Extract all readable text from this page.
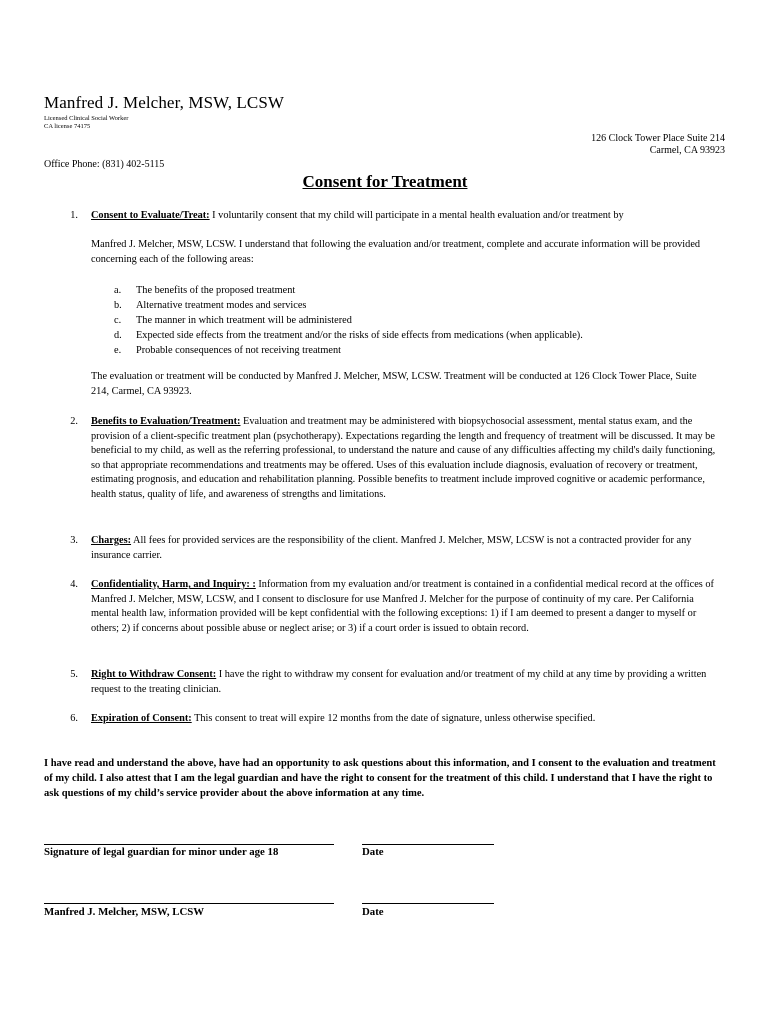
Manfred J. Melcher, MSW, LCSW
Licensed Clinical Social Worker
CA license 74175
126 Clock Tower Place Suite 214
Carmel, CA 93923
Office Phone: (831) 402-5115
Consent for Treatment
1. Consent to Evaluate/Treat: I voluntarily consent that my child will participate in a mental health evaluation and/or treatment by
Manfred J. Melcher, MSW, LCSW. I understand that following the evaluation and/or treatment, complete and accurate information will be provided concerning each of the following areas:
a.	The benefits of the proposed treatment
b.	Alternative treatment modes and services
c.	The manner in which treatment will be administered
d.	Expected side effects from the treatment and/or the risks of side effects from medications (when applicable).
e.	Probable consequences of not receiving treatment
The evaluation or treatment will be conducted by Manfred J. Melcher, MSW, LCSW. Treatment will be conducted at 126 Clock Tower Place, Suite 214, Carmel, CA 93923.
2. Benefits to Evaluation/Treatment: Evaluation and treatment may be administered with biopsychosocial assessment, mental status exam, and the provision of a client-specific treatment plan (psychotherapy). Expectations regarding the length and frequency of treatment will be discussed. It may be beneficial to my child, as well as the referring professional, to understand the nature and cause of any difficulties affecting my child's daily functioning, so that appropriate recommendations and treatments may be offered. Uses of this evaluation include diagnosis, evaluation of recovery or treatment, estimating prognosis, and education and rehabilitation planning. Possible benefits to treatment include improved cognitive or academic performance, health status, quality of life, and awareness of strengths and limitations.
3. Charges: All fees for provided services are the responsibility of the client. Manfred J. Melcher, MSW, LCSW is not a contracted provider for any insurance carrier.
4. Confidentiality, Harm, and Inquiry: : Information from my evaluation and/or treatment is contained in a confidential medical record at the offices of Manfred J. Melcher, MSW, LCSW, and I consent to disclosure for use Manfred J. Melcher for the purpose of continuity of my care. Per California mental health law, information provided will be kept confidential with the following exceptions: 1) if I am deemed to present a danger to myself or others; 2) if concerns about possible abuse or neglect arise; or 3) if a court order is issued to obtain record.
5. Right to Withdraw Consent: I have the right to withdraw my consent for evaluation and/or treatment of my child at any time by providing a written request to the treating clinician.
6. Expiration of Consent: This consent to treat will expire 12 months from the date of signature, unless otherwise specified.
I have read and understand the above, have had an opportunity to ask questions about this information, and I consent to the evaluation and treatment of my child. I also attest that I am the legal guardian and have the right to consent for the treatment of this child. I understand that I have the right to ask questions of my child’s service provider about the above information at any time.
Signature of legal guardian for minor under age 18	Date
Manfred J. Melcher, MSW, LCSW	Date
